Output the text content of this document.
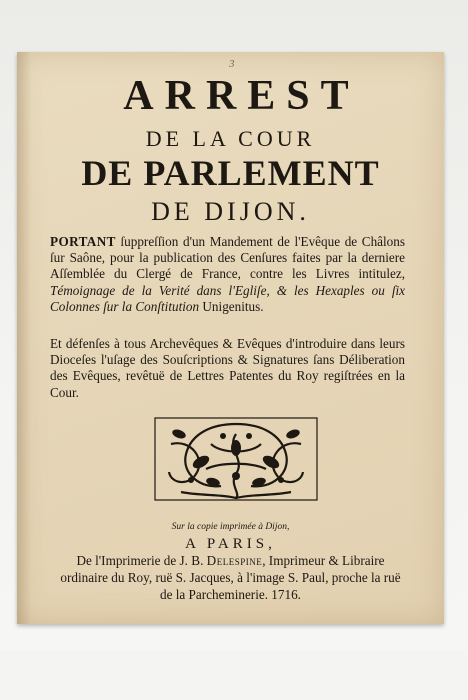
3
ARREST
DE LA COUR
DE PARLEMENT
DE DIJON.

PORTANT ſuppreſſion d'un Mandement de l'Evêque de Châlons ſur Saône, pour la publication des Cenſures faites par la derniere Aſſemblée du Clergé de France, contre les Livres intitulez, Témoignage de la Verité dans l'Egliſe, & les Hexaples ou ſix Colonnes ſur la Conſtitution Unigenitus.

Et défenſes à tous Archevêques & Evêques d'introduire dans leurs Dioceſes l'uſage des Souſcriptions & Signatures ſans Déliberation des Evêques, revêtuë de Lettres Patentes du Roy regiſtrées en la Cour.

Sur la copie imprimée à Dijon,

A PARIS,

De l'Imprimerie de J. B. Delespine, Imprimeur & Libraire ordinaire du Roy, ruë S. Jacques, à l'image S. Paul, proche la ruë de la Parcheminerie. 1716.
